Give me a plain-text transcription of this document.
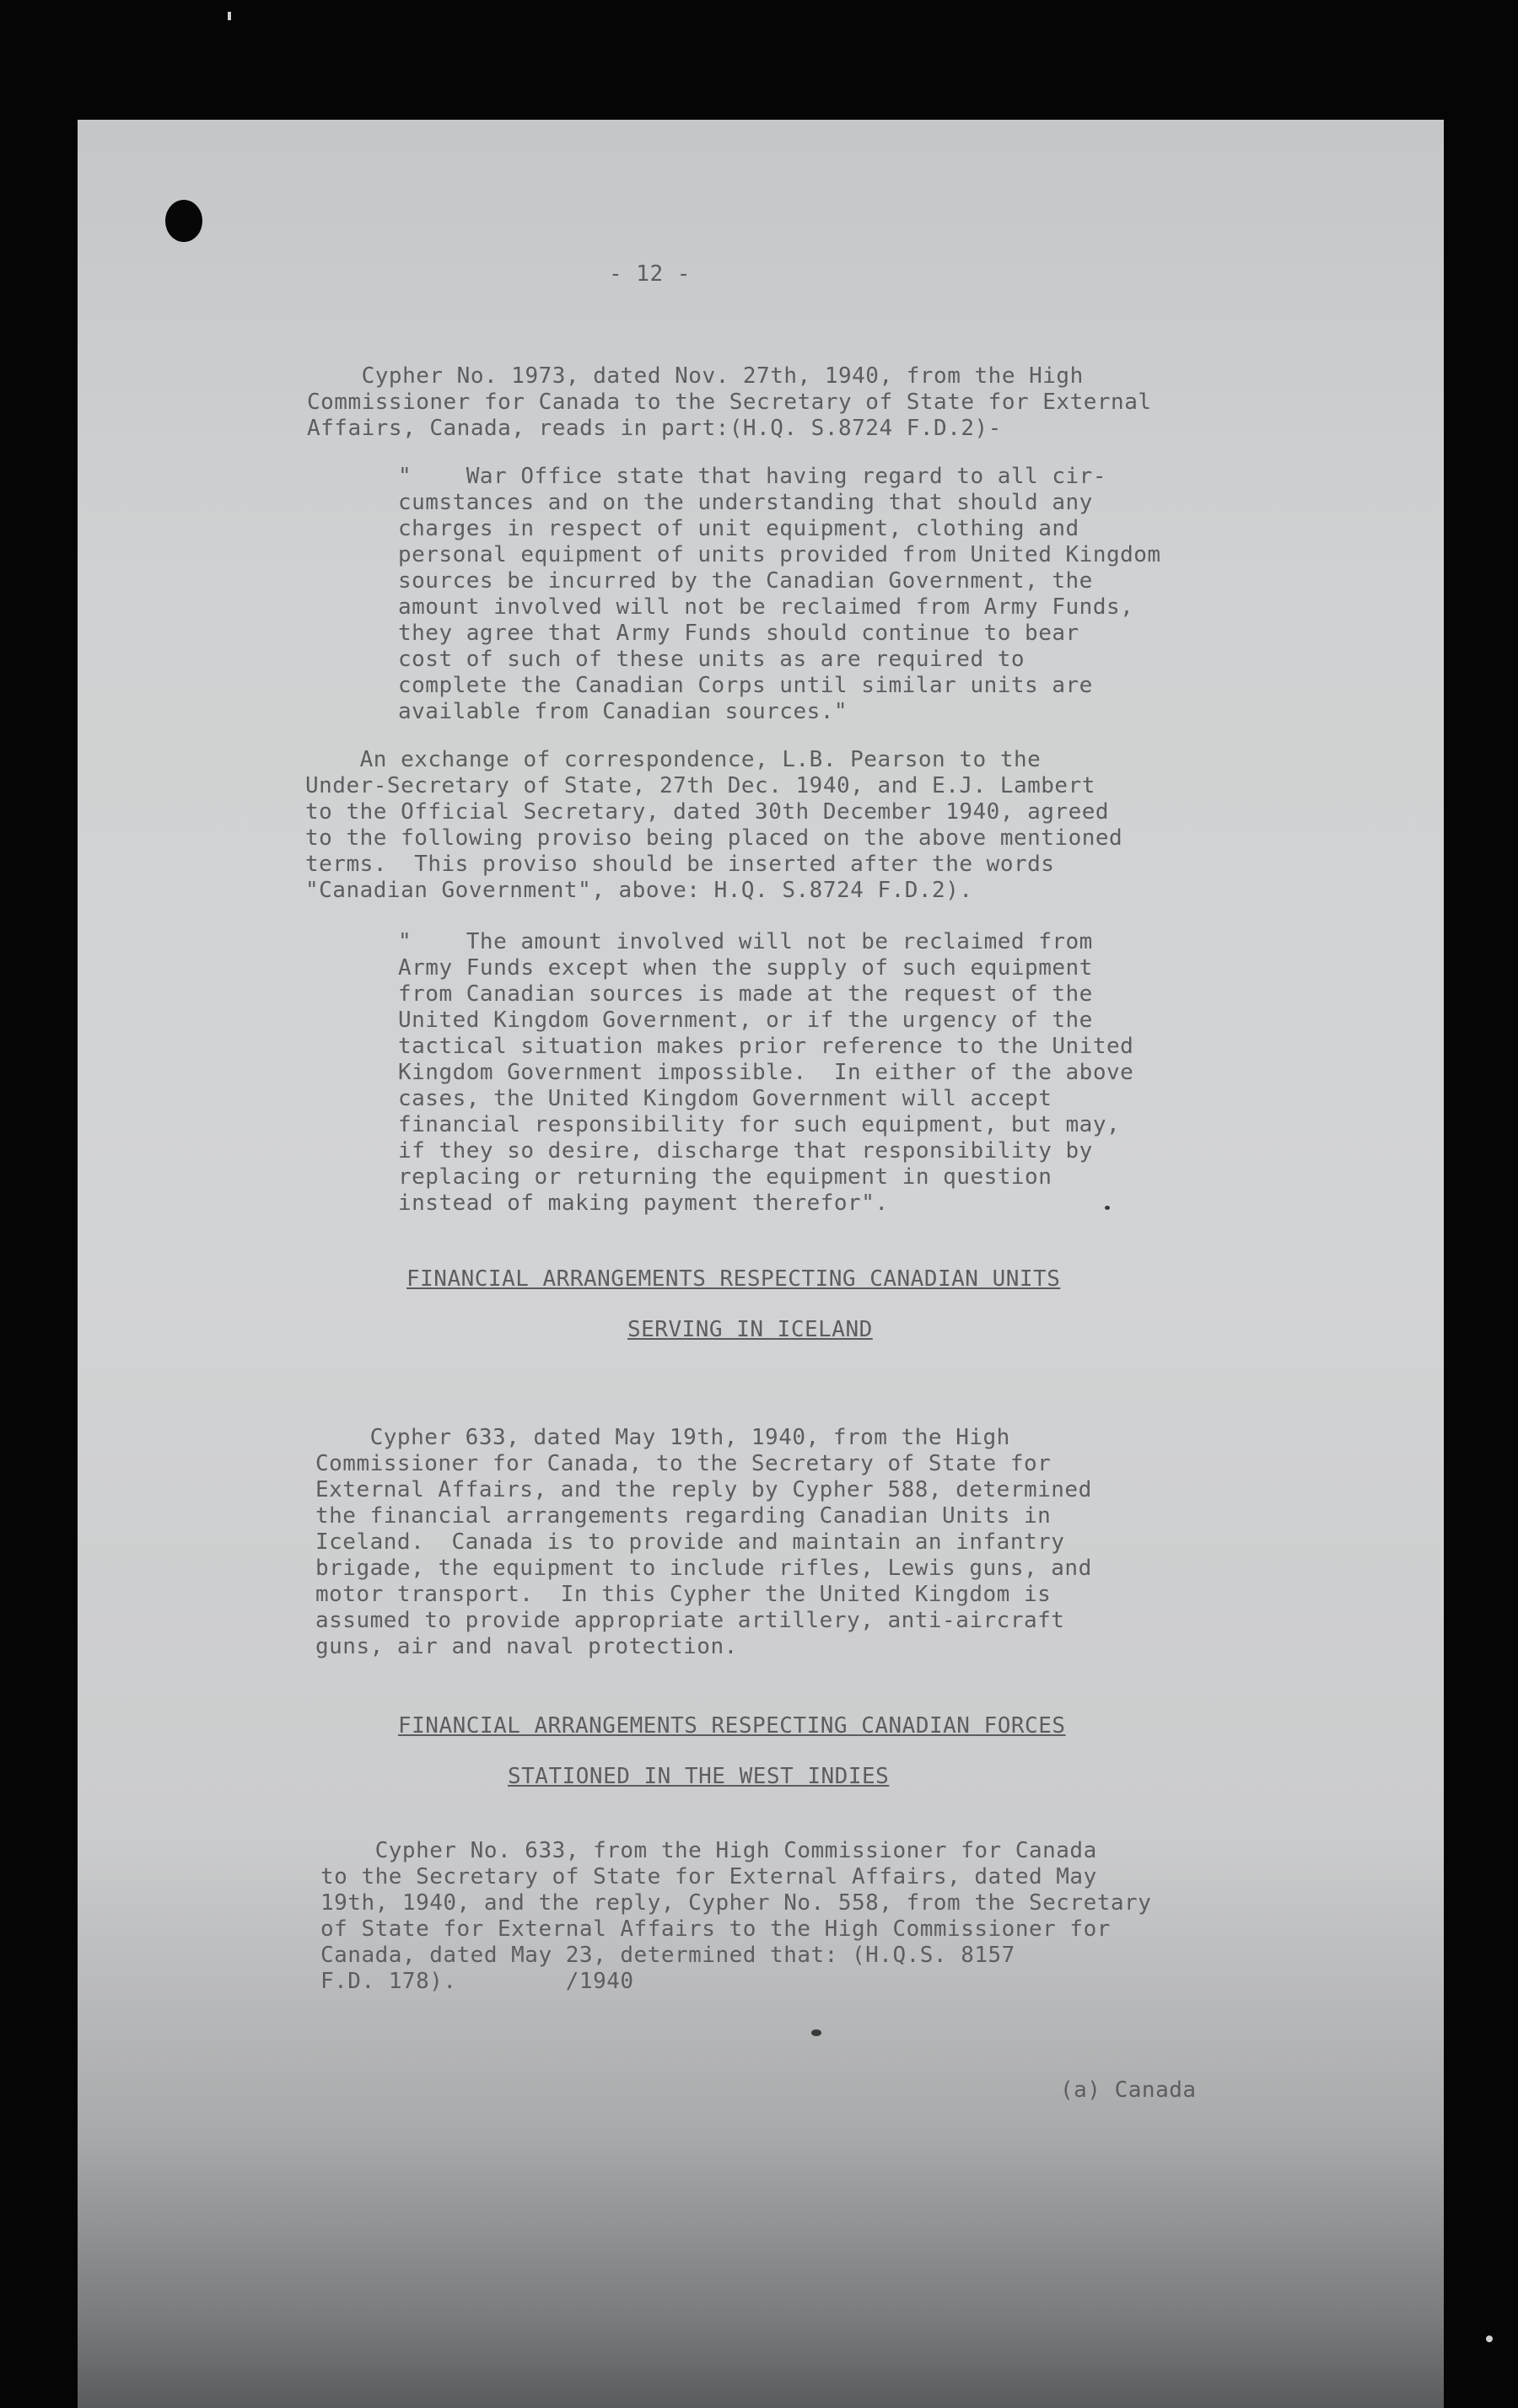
- 12 -
Cypher No. 1973, dated Nov. 27th, 1940, from the High
Commissioner for Canada to the Secretary of State for External
Affairs, Canada, reads in part:(H.Q. S.8724 F.D.2)-
"    War Office state that having regard to all cir-
cumstances and on the understanding that should any
charges in respect of unit equipment, clothing and
personal equipment of units provided from United Kingdom
sources be incurred by the Canadian Government, the
amount involved will not be reclaimed from Army Funds,
they agree that Army Funds should continue to bear
cost of such of these units as are required to
complete the Canadian Corps until similar units are
available from Canadian sources."
An exchange of correspondence, L.B. Pearson to the
Under-Secretary of State, 27th Dec. 1940, and E.J. Lambert
to the Official Secretary, dated 30th December 1940, agreed
to the following proviso being placed on the above mentioned
terms.  This proviso should be inserted after the words
"Canadian Government", above: H.Q. S.8724 F.D.2).
"    The amount involved will not be reclaimed from
Army Funds except when the supply of such equipment
from Canadian sources is made at the request of the
United Kingdom Government, or if the urgency of the
tactical situation makes prior reference to the United
Kingdom Government impossible.  In either of the above
cases, the United Kingdom Government will accept
financial responsibility for such equipment, but may,
if they so desire, discharge that responsibility by
replacing or returning the equipment in question
instead of making payment therefor".
FINANCIAL ARRANGEMENTS RESPECTING CANADIAN UNITS
SERVING IN ICELAND
Cypher 633, dated May 19th, 1940, from the High
Commissioner for Canada, to the Secretary of State for
External Affairs, and the reply by Cypher 588, determined
the financial arrangements regarding Canadian Units in
Iceland.  Canada is to provide and maintain an infantry
brigade, the equipment to include rifles, Lewis guns, and
motor transport.  In this Cypher the United Kingdom is
assumed to provide appropriate artillery, anti-aircraft
guns, air and naval protection.
FINANCIAL ARRANGEMENTS RESPECTING CANADIAN FORCES
STATIONED IN THE WEST INDIES
Cypher No. 633, from the High Commissioner for Canada
to the Secretary of State for External Affairs, dated May
19th, 1940, and the reply, Cypher No. 558, from the Secretary
of State for External Affairs to the High Commissioner for
Canada, dated May 23, determined that: (H.Q.S. 8157
F.D. 178).        /1940
(a) Canada
